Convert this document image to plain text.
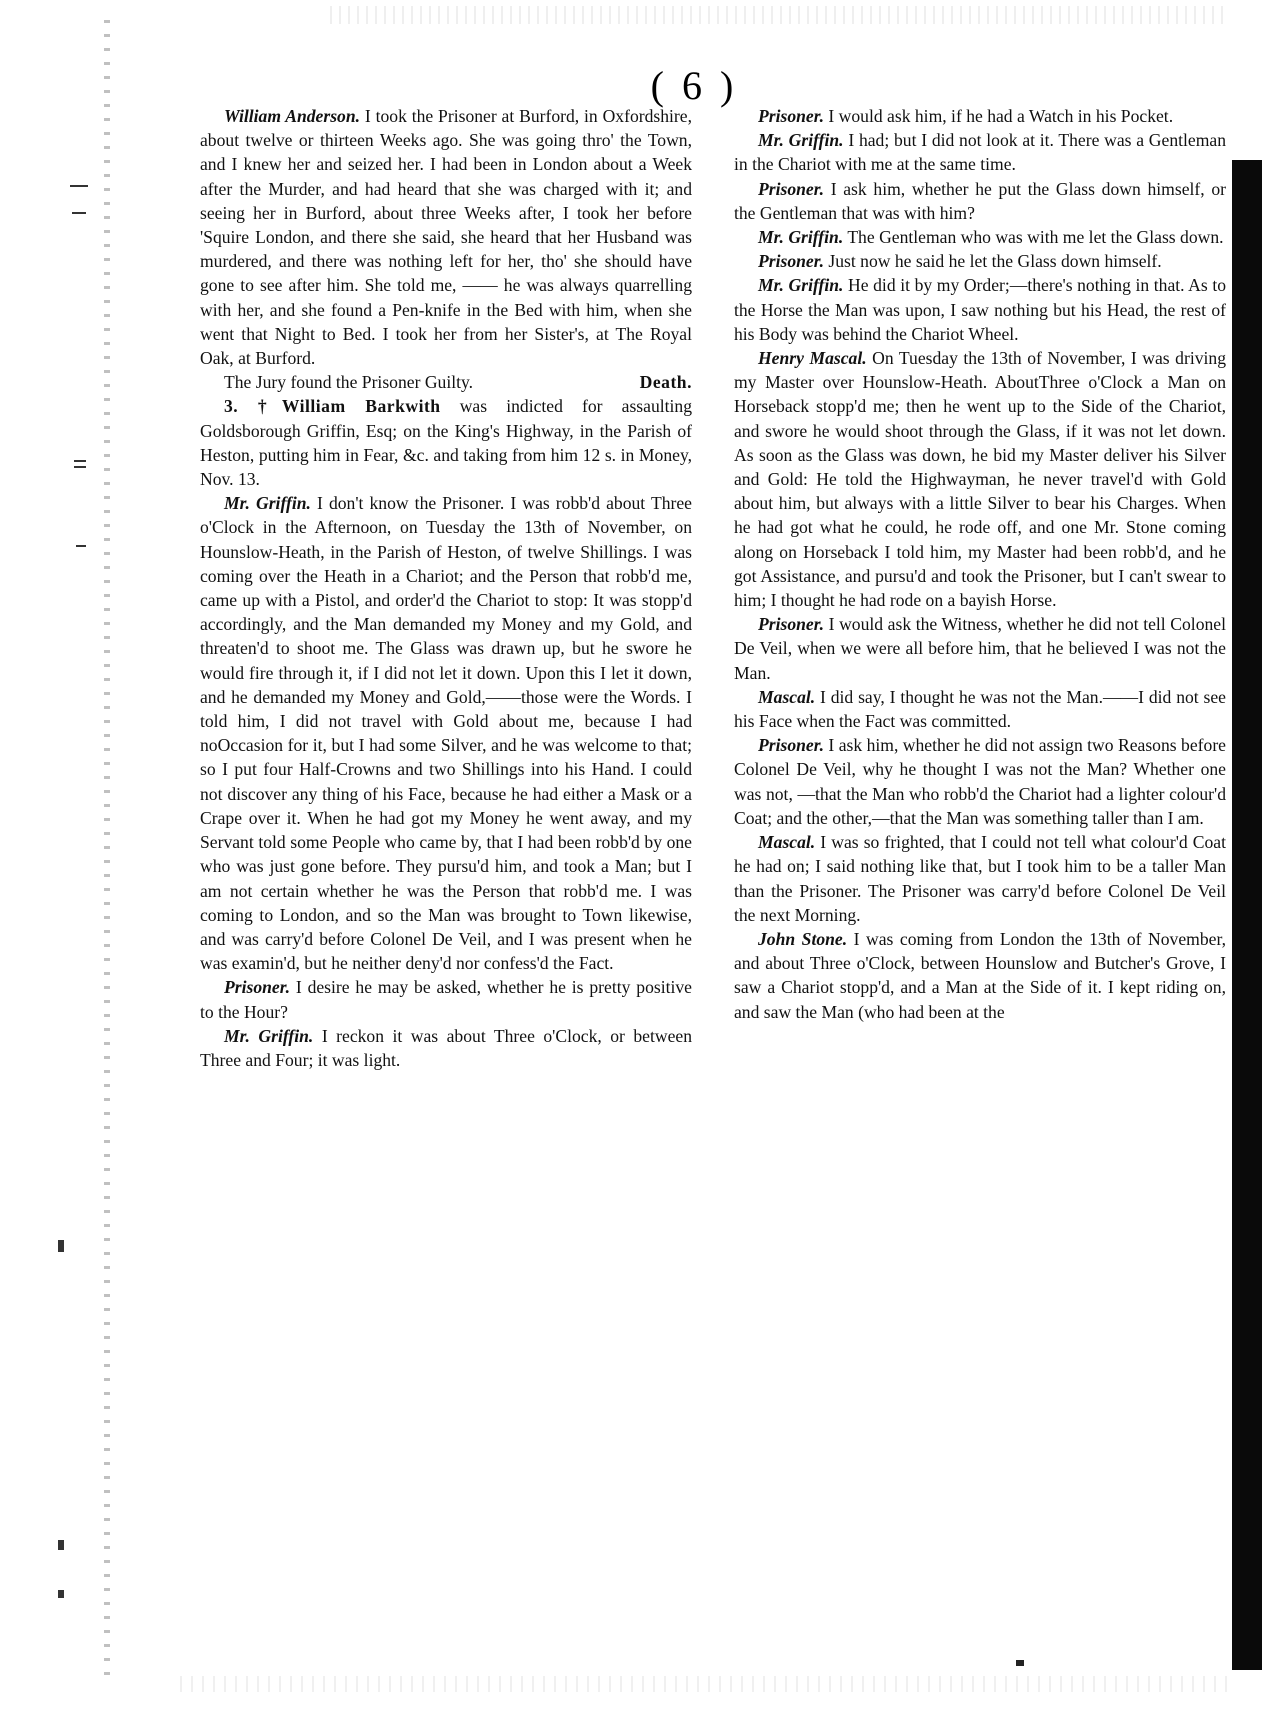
( 6 )

William Anderson. I took the Prisoner at Burford, in Oxfordshire, about twelve or thirteen Weeks ago. She was going thro' the Town, and I knew her and seized her. I had been in London about a Week after the Murder, and had heard that she was charged with it; and seeing her in Burford, about three Weeks after, I took her before 'Squire London, and there she said, she heard that her Husband was murdered, and there was nothing left for her, tho' she should have gone to see after him. She told me, —— he was always quarrelling with her, and she found a Pen-knife in the Bed with him, when she went that Night to Bed. I took her from her Sister's, at The Royal Oak, at Burford.

The Jury found the Prisoner Guilty.	Death.

3. †William Barkwith was indicted for assaulting Goldsborough Griffin, Esq; on the King's Highway, in the Parish of Heston, putting him in Fear, &c. and taking from him 12 s. in Money, Nov. 13.

Mr. Griffin. I don't know the Prisoner. I was robb'd about Three o'Clock in the Afternoon, on Tuesday the 13th of November, on Hounslow-Heath, in the Parish of Heston, of twelve Shillings. I was coming over the Heath in a Chariot; and the Person that robb'd me, came up with a Pistol, and order'd the Chariot to stop: It was stopp'd accordingly, and the Man demanded my Money and my Gold, and threaten'd to shoot me. The Glass was drawn up, but he swore he would fire through it, if I did not let it down. Upon this I let it down, and he demanded my Money and Gold,——those were the Words. I told him, I did not travel with Gold about me, because I had noOccasion for it, but I had some Silver, and he was welcome to that; so I put four Half-Crowns and two Shillings into his Hand. I could not discover any thing of his Face, because he had either a Mask or a Crape over it. When he had got my Money he went away, and my Servant told some People who came by, that I had been robb'd by one who was just gone before. They pursu'd him, and took a Man; but I am not certain whether he was the Person that robb'd me. I was coming to London, and so the Man was brought to Town likewise, and was carry'd before Colonel De Veil, and I was present when he was examin'd, but he neither deny'd nor confess'd the Fact.

Prisoner. I desire he may be asked, whether he is pretty positive to the Hour?

Mr. Griffin. I reckon it was about Three o'Clock, or between Three and Four; it was light.

Prisoner. I would ask him, if he had a Watch in his Pocket.

Mr. Griffin. I had; but I did not look at it. There was a Gentleman in the Chariot with me at the same time.

Prisoner. I ask him, whether he put the Glass down himself, or the Gentleman that was with him?

Mr. Griffin. The Gentleman who was with me let the Glass down.

Prisoner. Just now he said he let the Glass down himself.

Mr. Griffin. He did it by my Order;—there's nothing in that. As to the Horse the Man was upon, I saw nothing but his Head, the rest of his Body was behind the Chariot Wheel.

Henry Mascal. On Tuesday the 13th of November, I was driving my Master over Hounslow-Heath. AboutThree o'Clock a Man on Horseback stopp'd me; then he went up to the Side of the Chariot, and swore he would shoot through the Glass, if it was not let down. As soon as the Glass was down, he bid my Master deliver his Silver and Gold: He told the Highwayman, he never travel'd with Gold about him, but always with a little Silver to bear his Charges. When he had got what he could, he rode off, and one Mr. Stone coming along on Horseback I told him, my Master had been robb'd, and he got Assistance, and pursu'd and took the Prisoner, but I can't swear to him; I thought he had rode on a bayish Horse.

Prisoner. I would ask the Witness, whether he did not tell Colonel De Veil, when we were all before him, that he believed I was not the Man.

Mascal. I did say, I thought he was not the Man.——I did not see his Face when the Fact was committed.

Prisoner. I ask him, whether he did not assign two Reasons before Colonel De Veil, why he thought I was not the Man? Whether one was not, —that the Man who robb'd the Chariot had a lighter colour'd Coat; and the other,—that the Man was something taller than I am.

Mascal. I was so frighted, that I could not tell what colour'd Coat he had on; I said nothing like that, but I took him to be a taller Man than the Prisoner. The Prisoner was carry'd before Colonel De Veil the next Morning.

John Stone. I was coming from London the 13th of November, and about Three o'Clock, between Hounslow and Butcher's Grove, I saw a Chariot stopp'd, and a Man at the Side of it. I kept riding on, and saw the Man (who had been at the
